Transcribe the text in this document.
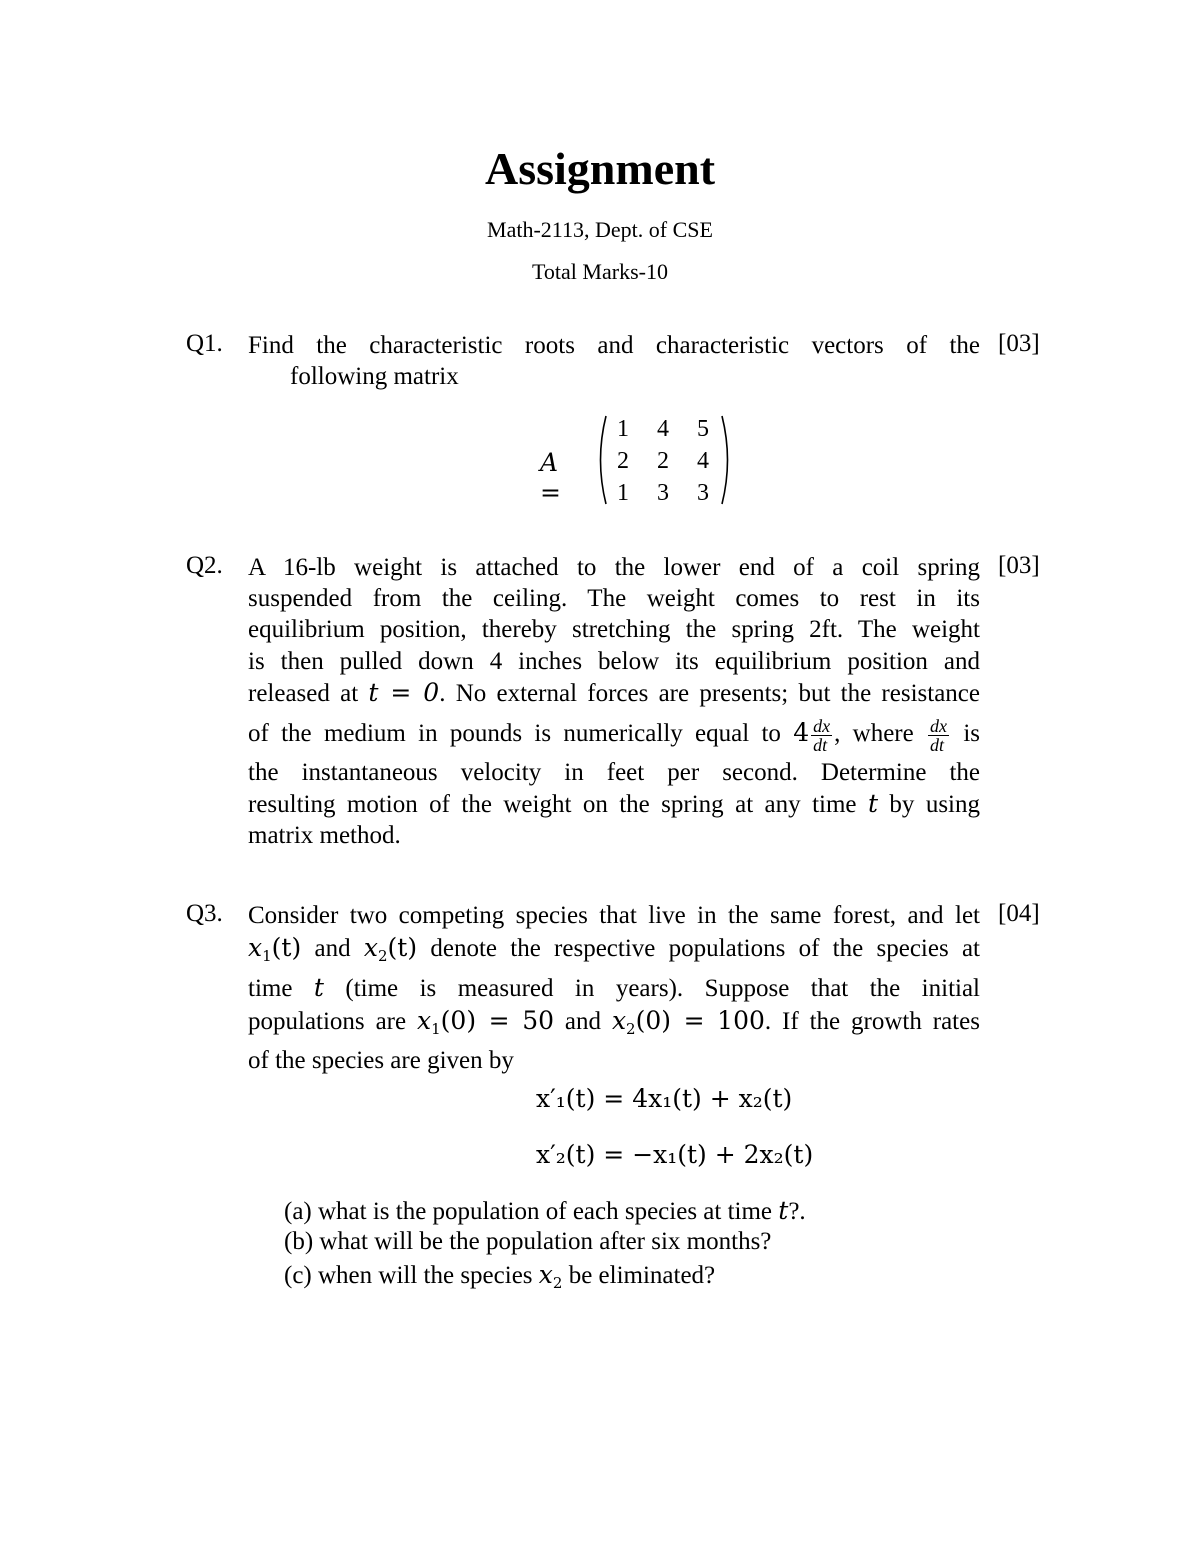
Assignment
Math-2113, Dept. of CSE
Total Marks-10
Q1.	[03]
Find the characteristic roots and characteristic vectors of the
following matrix
A =
1	4	5
2	2	4
1	3	3
Q2.	[03]
A 16-lb weight is attached to the lower end of a coil spring
suspended from the ceiling. The weight comes to rest in its
equilibrium position, thereby stretching the spring 2ft. The weight
is then pulled down 4 inches below its equilibrium position and
released at t = 0. No external forces are presents; but the resistance
of the medium in pounds is numerically equal to $4 \frac{dx}{dt}$ , where $\frac{dx}{dt}$ is
the instantaneous velocity in feet per second. Determine the
resulting motion of the weight on the spring at any time t by using
matrix method.
Q3.	[04]
Consider two competing species that live in the same forest, and let
$x_1(t)$ and $x_2(t)$ denote the respective populations of the species at
time t (time is measured in years). Suppose that the initial
populations are $x_1(0) = 50$ and $x_2(0) = 100$. If the growth rates
of the species are given by
x′₁(t) = 4x₁(t) + x₂(t)
x′₂(t) = −x₁(t) + 2x₂(t)
(a) what is the population of each species at time t?.
(b) what will be the population after six months?
(c) when will the species $x_2$ be eliminated?
